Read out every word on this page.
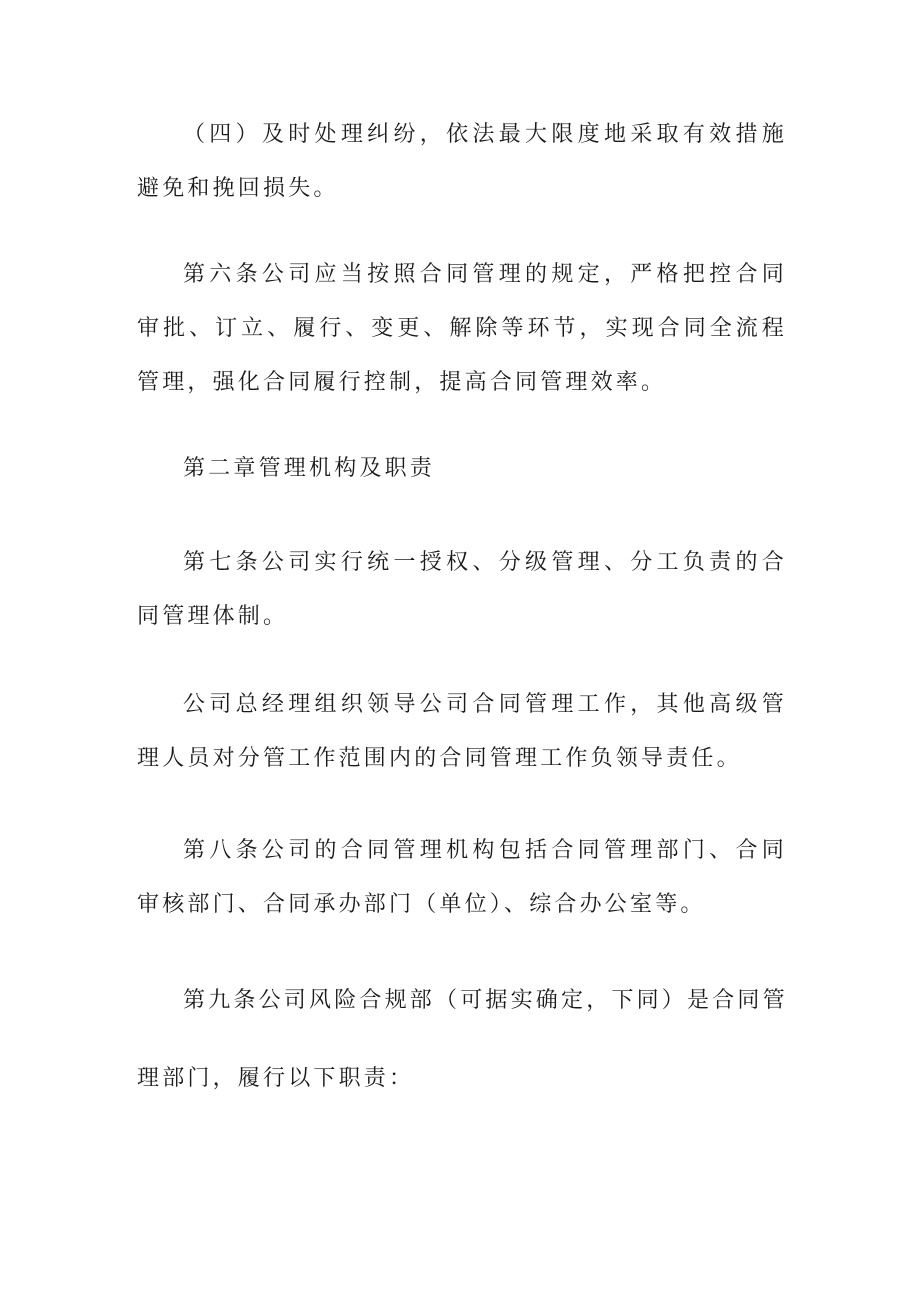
（四）及时处理纠纷，依法最大限度地采取有效措施避免和挽回损失。

第六条公司应当按照合同管理的规定，严格把控合同审批、订立、履行、变更、解除等环节，实现合同全流程管理，强化合同履行控制，提高合同管理效率。

第二章管理机构及职责

第七条公司实行统一授权、分级管理、分工负责的合同管理体制。

公司总经理组织领导公司合同管理工作，其他高级管理人员对分管工作范围内的合同管理工作负领导责任。

第八条公司的合同管理机构包括合同管理部门、合同审核部门、合同承办部门（单位）、综合办公室等。

第九条公司风险合规部（可据实确定，下同）是合同管

理部门，履行以下职责：
